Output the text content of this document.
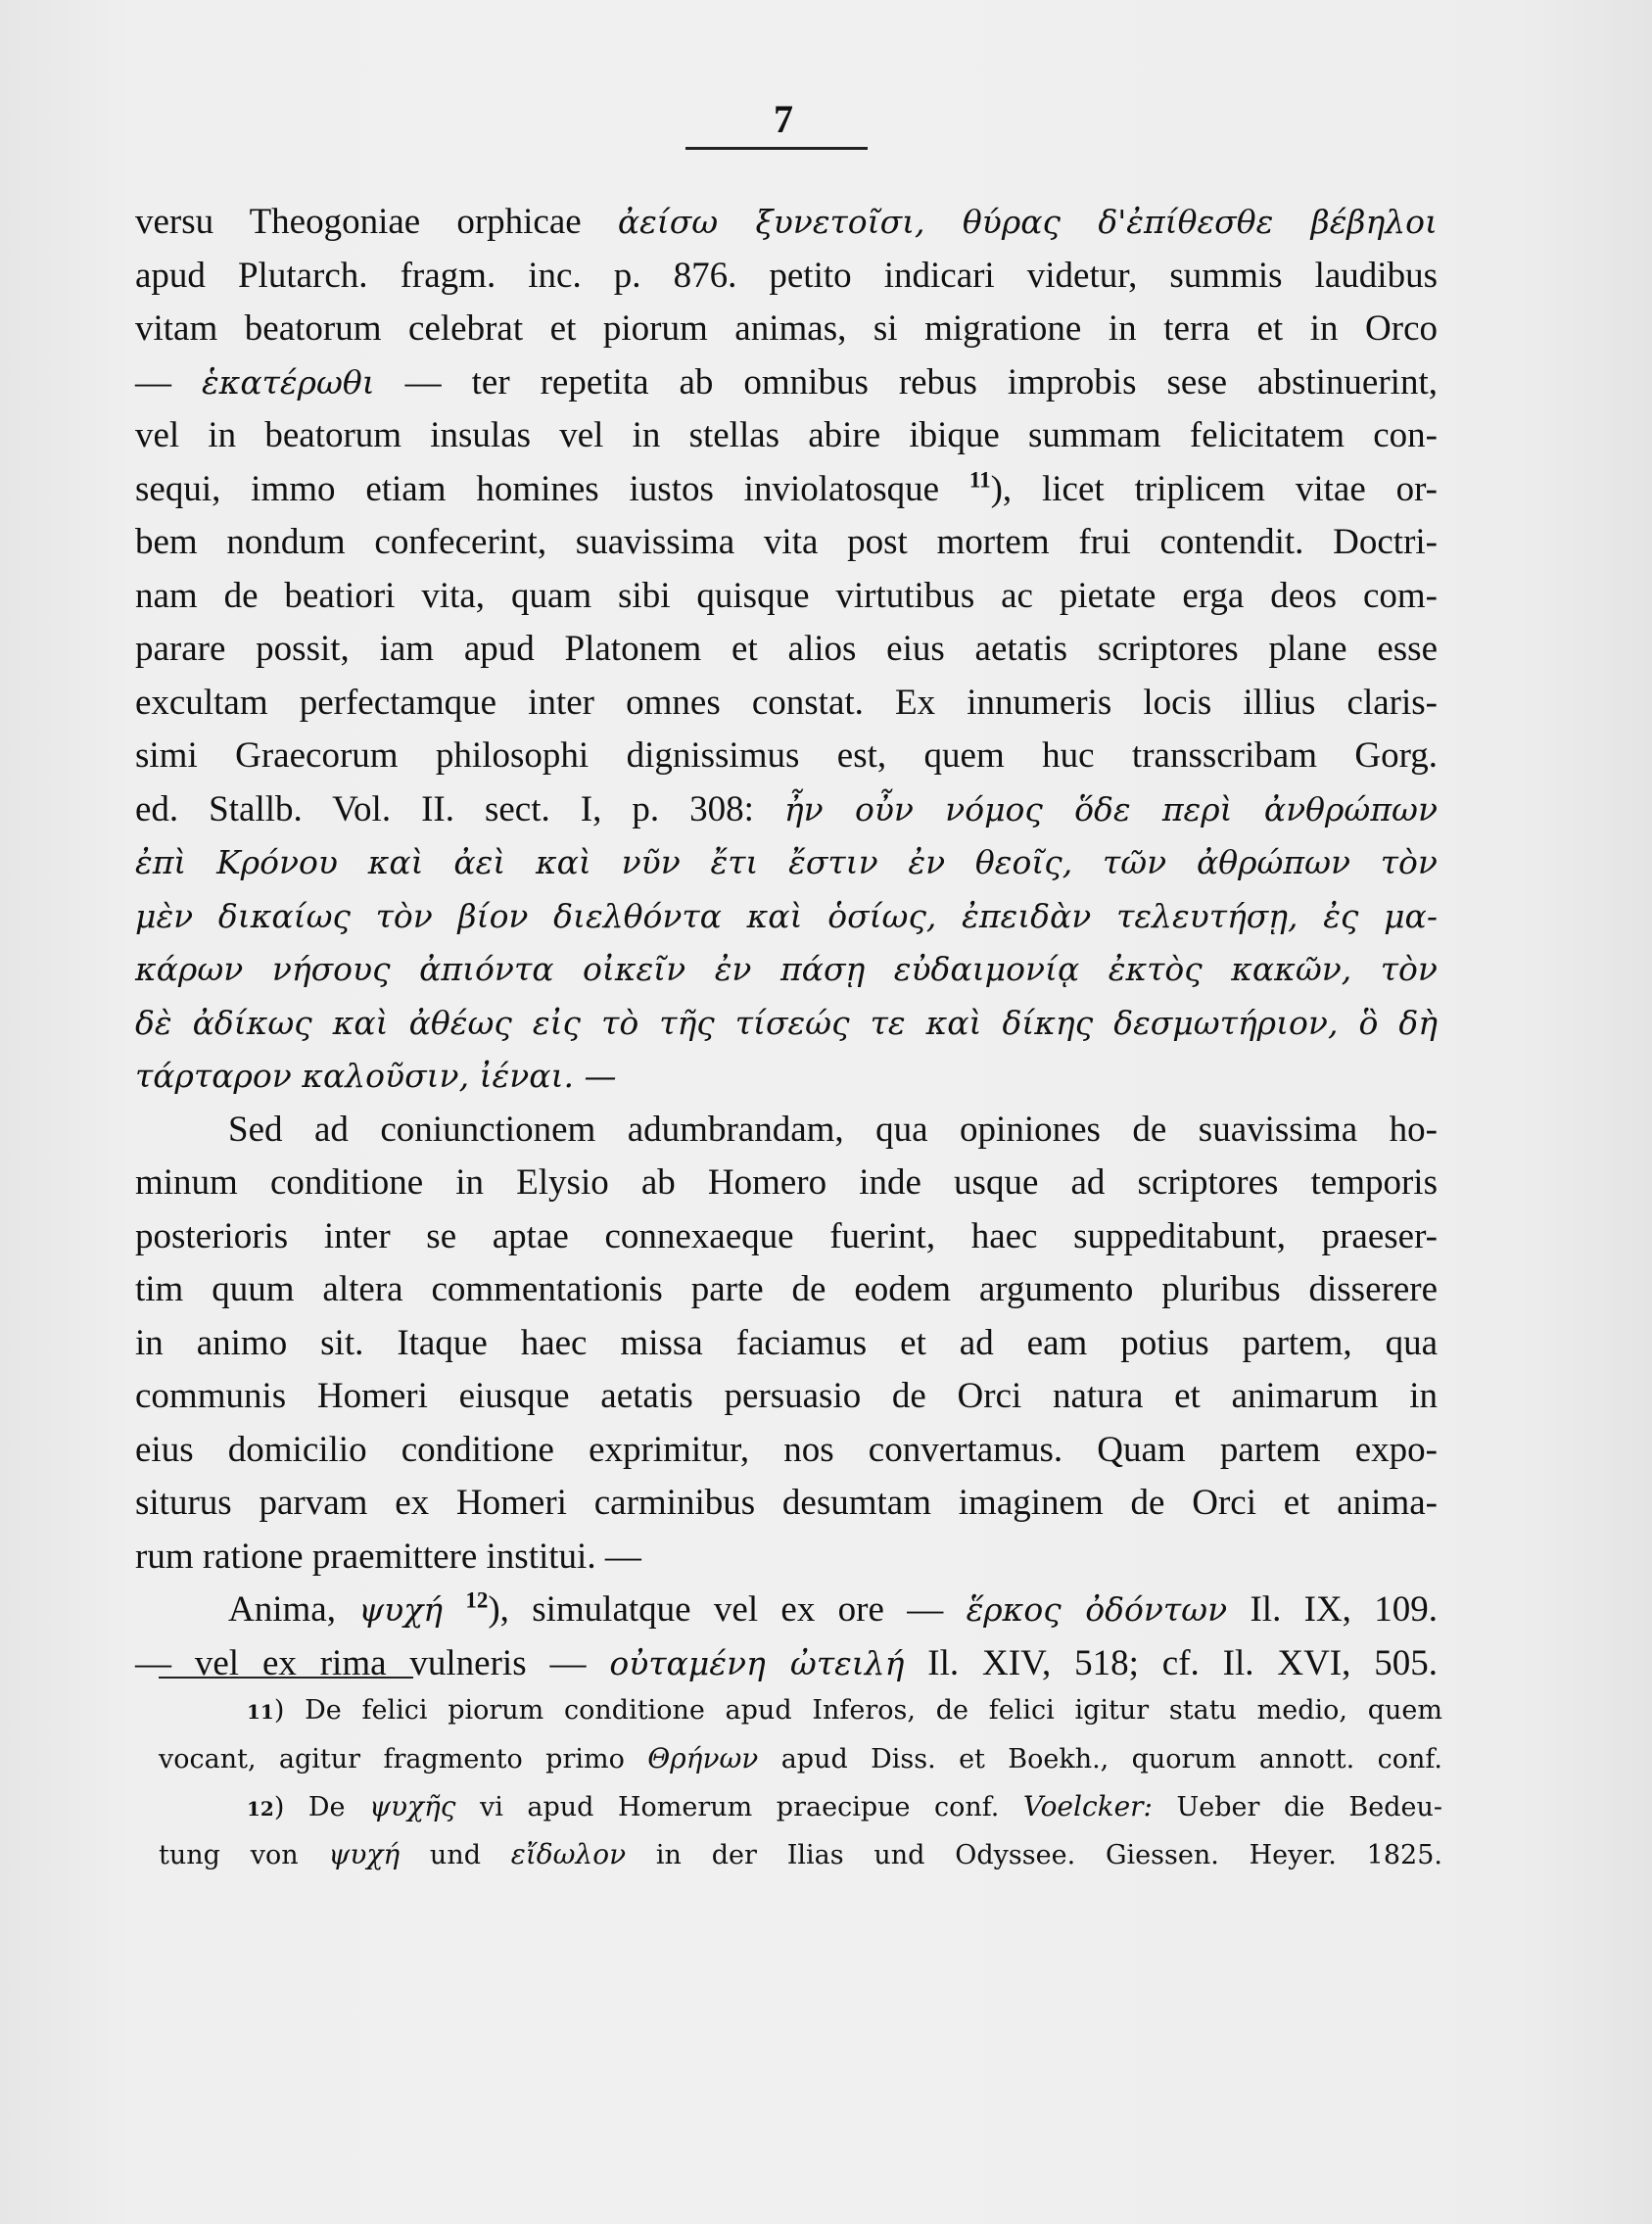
7
versu Theogoniae orphicae ἀείσω ξυνετοῖσι, θύρας δ'ἐπίθεσθε βέβηλοι
apud Plutarch. fragm. inc. p. 876. petito indicari videtur, summis laudibus
vitam beatorum celebrat et piorum animas, si migratione in terra et in Orco
— ἑκατέρωθι — ter repetita ab omnibus rebus improbis sese abstinuerint,
vel in beatorum insulas vel in stellas abire ibique summam felicitatem con-
sequi, immo etiam homines iustos inviolatosque $^{11}$), licet triplicem vitae or-
bem nondum confecerint, suavissima vita post mortem frui contendit. Doctri-
nam de beatiori vita, quam sibi quisque virtutibus ac pietate erga deos com-
parare possit, iam apud Platonem et alios eius aetatis scriptores plane esse
excultam perfectamque inter omnes constat. Ex innumeris locis illius claris-
simi Graecorum philosophi dignissimus est, quem huc transscribam Gorg.
ed. Stallb. Vol. II. sect. I, p. 308: ἦν οὖν νόμος ὅδε περὶ ἀνθρώπων
ἐπὶ Κρόνου καὶ ἀεὶ καὶ νῦν ἔτι ἔστιν ἐν θεοῖς, τῶν ἀθρώπων τὸν
μὲν δικαίως τὸν βίον διελθόντα καὶ ὁσίως, ἐπειδὰν τελευτήσῃ, ἐς μα-
κάρων νήσους ἀπιόντα οἰκεῖν ἐν πάσῃ εὐδαιμονίᾳ ἐκτὸς κακῶν, τὸν
δὲ ἀδίκως καὶ ἀθέως εἰς τὸ τῆς τίσεώς τε καὶ δίκης δεσμωτήριον, ὃ δὴ
τάρταρον καλοῦσιν, ἰέναι. —
Sed ad coniunctionem adumbrandam, qua opiniones de suavissima ho-
minum conditione in Elysio ab Homero inde usque ad scriptores temporis
posterioris inter se aptae connexaeque fuerint, haec suppeditabunt, praeser-
tim quum altera commentationis parte de eodem argumento pluribus disserere
in animo sit. Itaque haec missa faciamus et ad eam potius partem, qua
communis Homeri eiusque aetatis persuasio de Orci natura et animarum in
eius domicilio conditione exprimitur, nos convertamus. Quam partem expo-
siturus parvam ex Homeri carminibus desumtam imaginem de Orci et anima-
rum ratione praemittere institui. —
Anima, ψυχή $^{12}$), simulatque vel ex ore — ἕρκος ὀδόντων Il. IX, 109.
— vel ex rima vulneris — οὐταμένη ὠτειλή Il. XIV, 518; cf. Il. XVI, 505.
11) De felici piorum conditione apud Inferos, de felici igitur statu medio, quem
vocant, agitur fragmento primo Θρήνων apud Diss. et Boekh., quorum annott. conf.
12) De ψυχῆς vi apud Homerum praecipue conf. Voelcker: Ueber die Bedeu-
tung von ψυχή und εἴδωλον in der Ilias und Odyssee. Giessen. Heyer. 1825.
